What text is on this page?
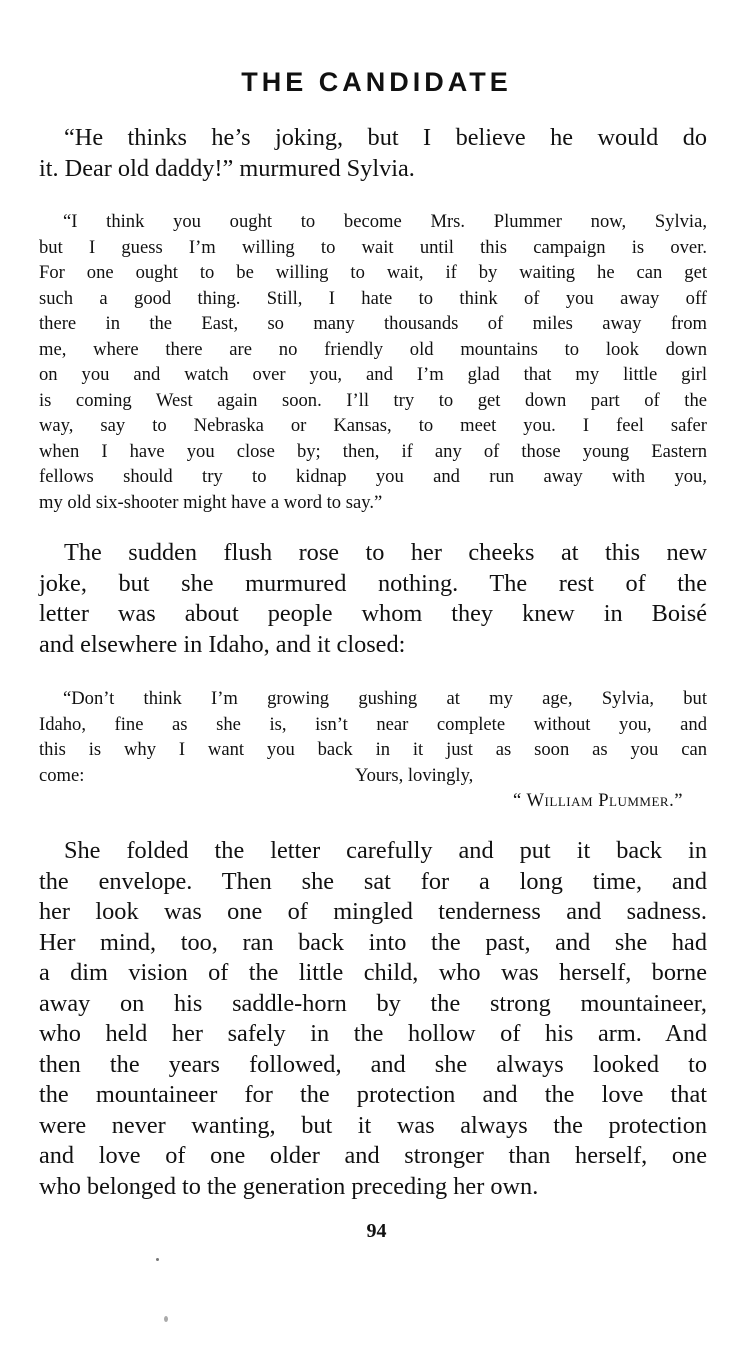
THE CANDIDATE
“He thinks he’s joking, but I believe he would do
it. Dear old daddy!” murmured Sylvia.
“I think you ought to become Mrs. Plummer now, Sylvia,
but I guess I’m willing to wait until this campaign is over.
For one ought to be willing to wait, if by waiting he can get
such a good thing. Still, I hate to think of you away off
there in the East, so many thousands of miles away from
me, where there are no friendly old mountains to look down
on you and watch over you, and I’m glad that my little girl
is coming West again soon. I’ll try to get down part of the
way, say to Nebraska or Kansas, to meet you. I feel safer
when I have you close by; then, if any of those young Eastern
fellows should try to kidnap you and run away with you,
my old six-shooter might have a word to say.”
The sudden flush rose to her cheeks at this new
joke, but she murmured nothing. The rest of the
letter was about people whom they knew in Boisé
and elsewhere in Idaho, and it closed:
“Don’t think I’m growing gushing at my age, Sylvia, but
Idaho, fine as she is, isn’t near complete without you, and
this is why I want you back in it just as soon as you can
come:	Yours, lovingly,
“ William Plummer.”
She folded the letter carefully and put it back in
the envelope. Then she sat for a long time, and
her look was one of mingled tenderness and sadness.
Her mind, too, ran back into the past, and she had
a dim vision of the little child, who was herself, borne
away on his saddle-horn by the strong mountaineer,
who held her safely in the hollow of his arm. And
then the years followed, and she always looked to
the mountaineer for the protection and the love that
were never wanting, but it was always the protection
and love of one older and stronger than herself, one
who belonged to the generation preceding her own.
94
